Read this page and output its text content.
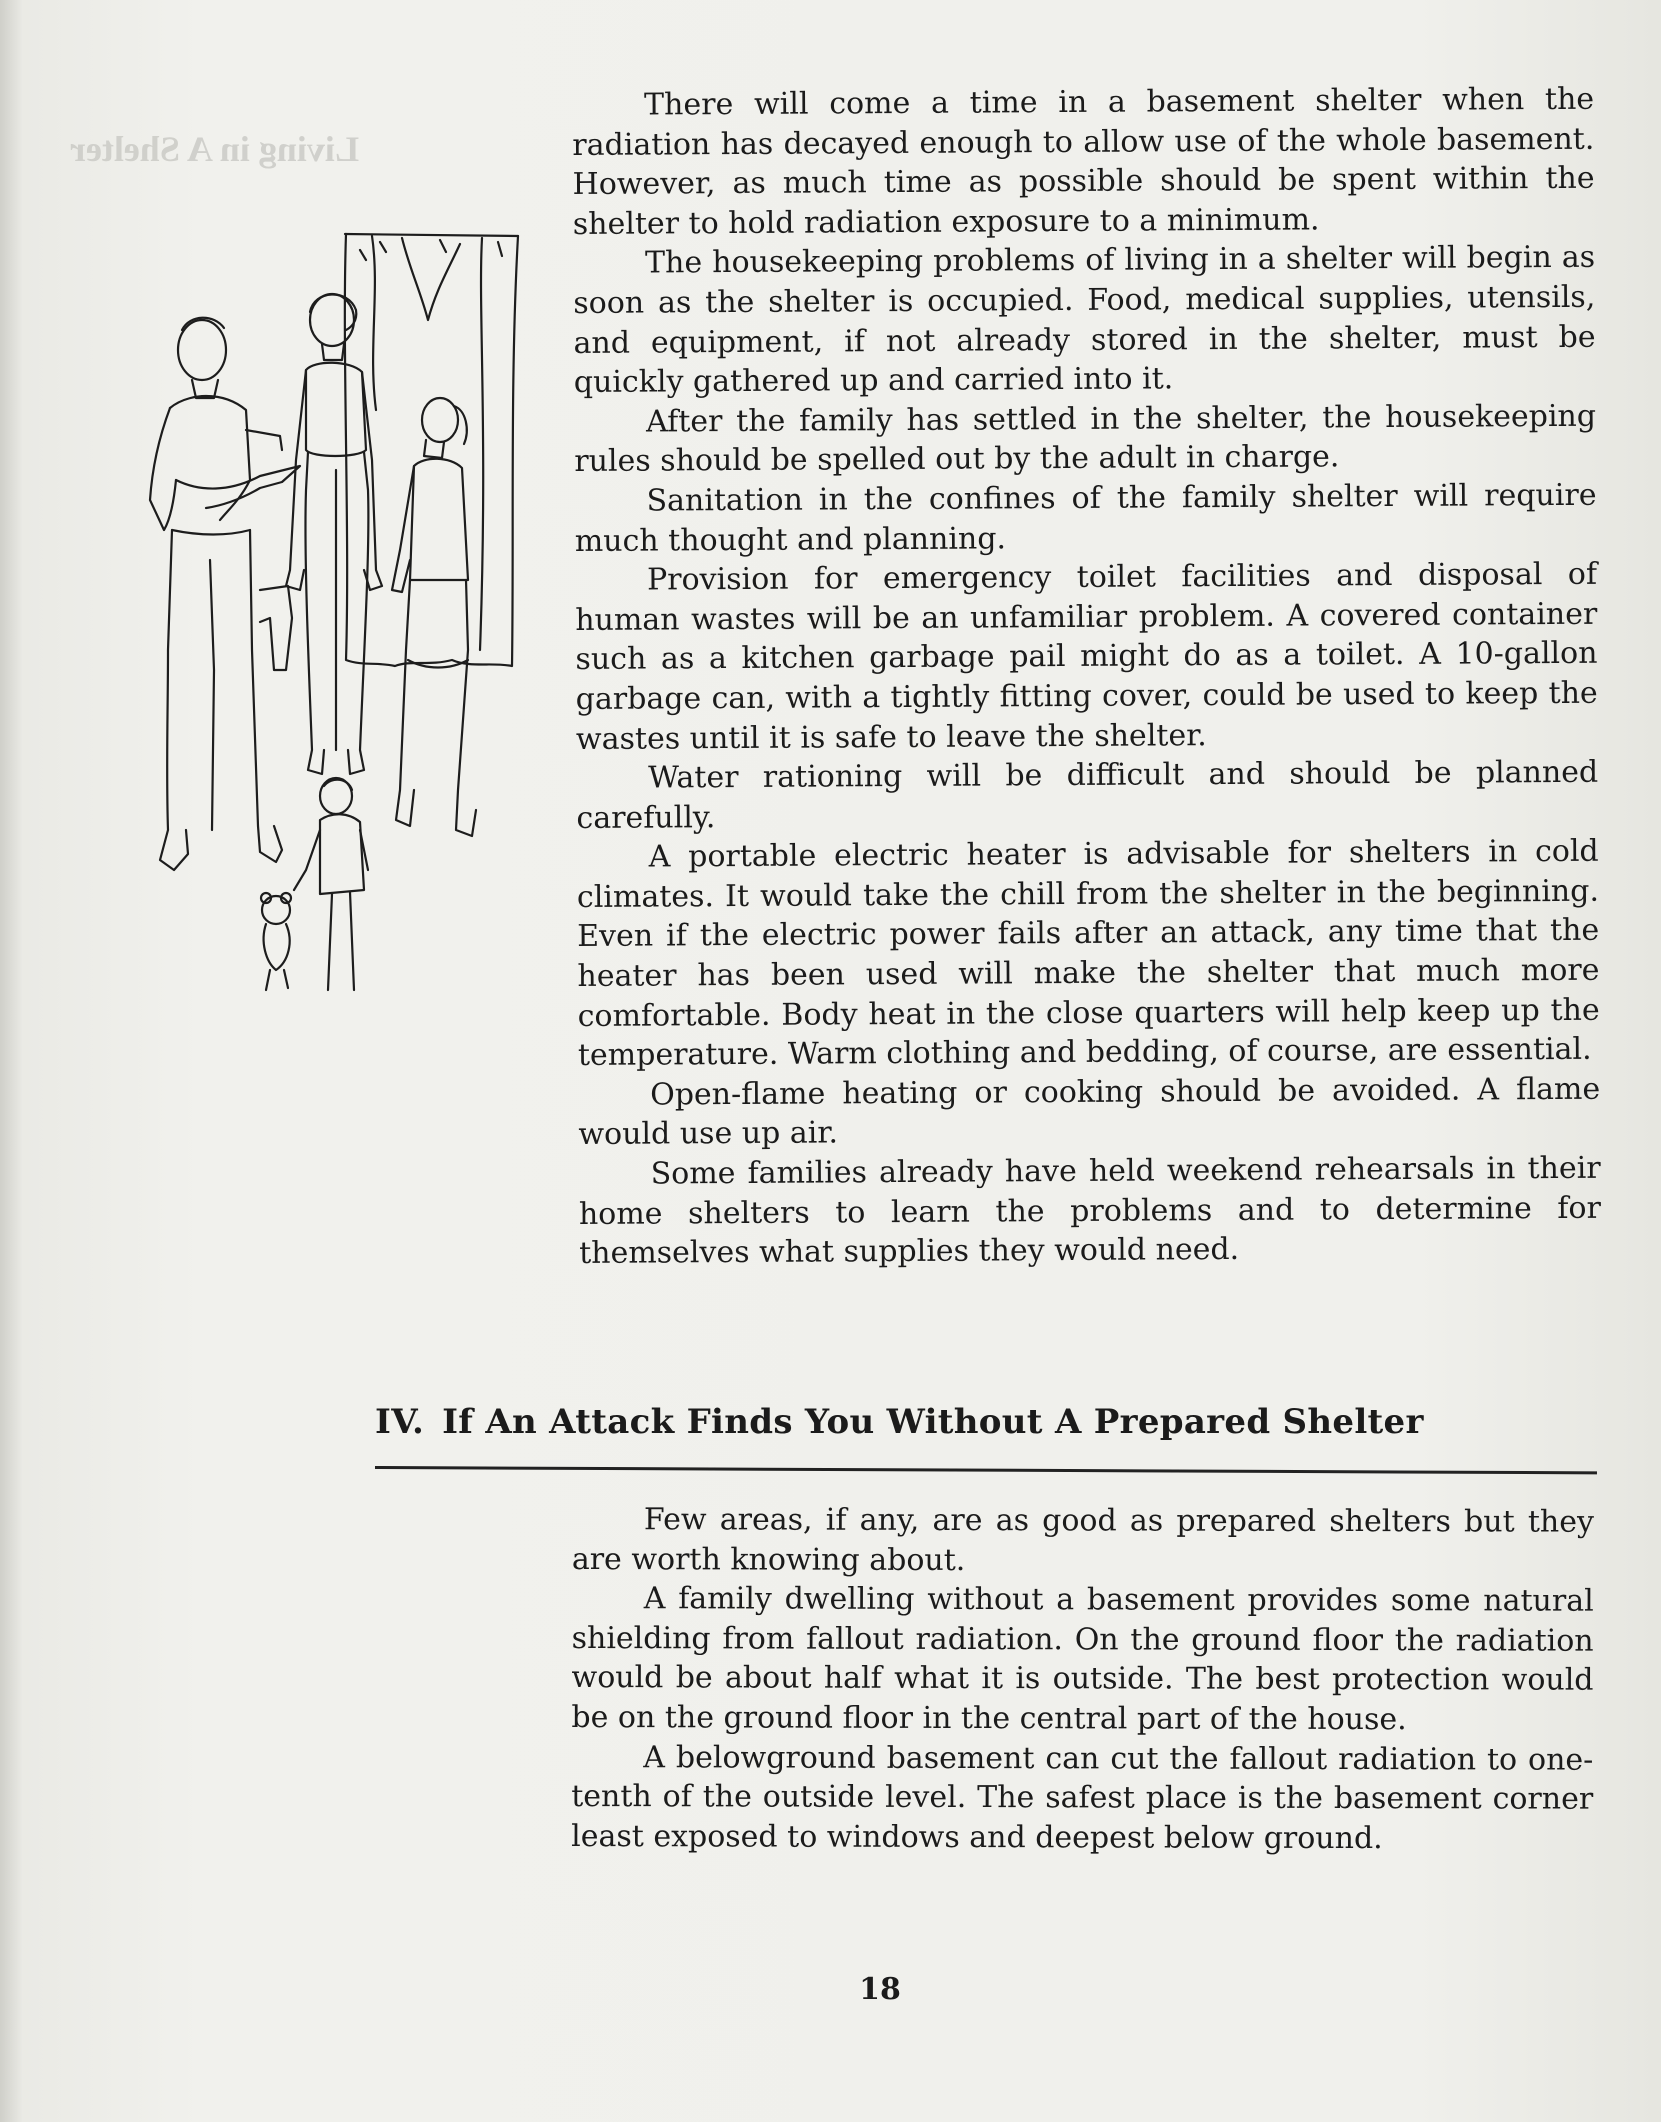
Living in A Shelter

There will come a time in a basement shelter when the radiation has decayed enough to allow use of the whole basement. However, as much time as possible should be spent within the shelter to hold radiation exposure to a minimum.

The housekeeping problems of living in a shelter will begin as soon as the shelter is occupied. Food, medical supplies, utensils, and equipment, if not already stored in the shelter, must be quickly gathered up and carried into it.

After the family has settled in the shelter, the housekeeping rules should be spelled out by the adult in charge.

Sanitation in the confines of the family shelter will require much thought and planning.

Provision for emergency toilet facilities and disposal of human wastes will be an unfamiliar problem. A covered container such as a kitchen garbage pail might do as a toilet. A 10-gallon garbage can, with a tightly fitting cover, could be used to keep the wastes until it is safe to leave the shelter.

Water rationing will be difficult and should be planned carefully.

A portable electric heater is advisable for shelters in cold climates. It would take the chill from the shelter in the beginning. Even if the electric power fails after an attack, any time that the heater has been used will make the shelter that much more comfortable. Body heat in the close quarters will help keep up the temperature. Warm clothing and bedding, of course, are essential.

Open-flame heating or cooking should be avoided. A flame would use up air.

Some families already have held weekend rehearsals in their home shelters to learn the problems and to determine for themselves what supplies they would need.

IV. If An Attack Finds You Without A Prepared Shelter

Few areas, if any, are as good as prepared shelters but they are worth knowing about.

A family dwelling without a basement provides some natural shielding from fallout radiation. On the ground floor the radiation would be about half what it is outside. The best protection would be on the ground floor in the central part of the house.

A belowground basement can cut the fallout radiation to one-tenth of the outside level. The safest place is the basement corner least exposed to windows and deepest below ground.

18
